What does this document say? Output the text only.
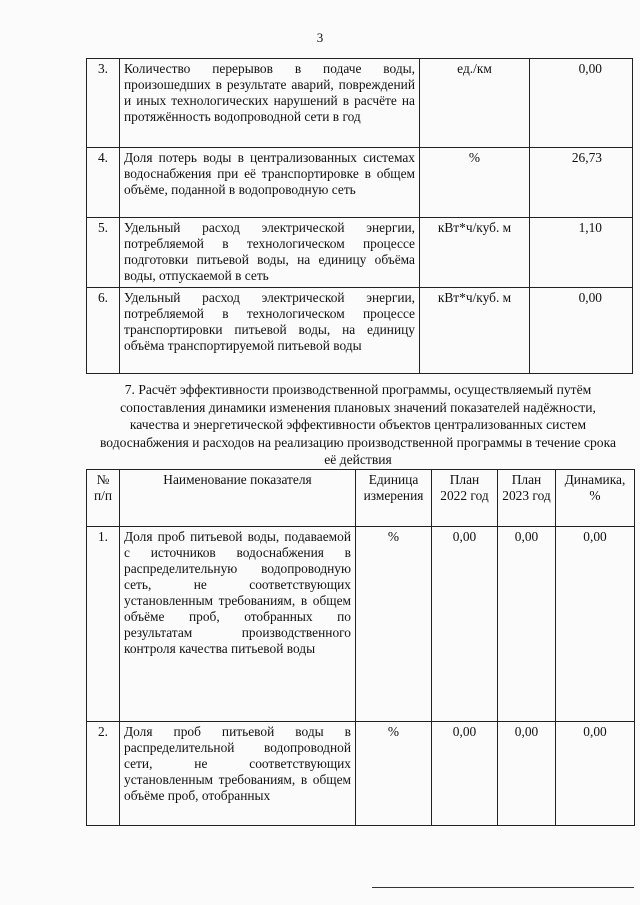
3
3.	Количество перерывов в подаче воды, произошедших в результате аварий, повреждений и иных технологических нарушений в расчёте на протяжённость водопроводной сети в год	ед./км	0,00
4.	Доля потерь воды в централизованных системах водоснабжения при её транспортировке в общем объёме, поданной в водопроводную сеть	%	26,73
5.	Удельный расход электрической энергии, потребляемой в технологическом процессе подготовки питьевой воды, на единицу объёма воды, отпускаемой в сеть	кВт*ч/куб. м	1,10
6.	Удельный расход электрической энергии, потребляемой в технологическом процессе транспортировки питьевой воды, на единицу объёма транспортируемой питьевой воды	кВт*ч/куб. м	0,00
7. Расчёт эффективности производственной программы, осуществляемый путём сопоставления динамики изменения плановых значений показателей надёжности, качества и энергетической эффективности объектов централизованных систем водоснабжения и расходов на реализацию производственной программы в течение срока её действия
№ п/п	Наименование показателя	Единица измерения	План 2022 год	План 2023 год	Динамика, %
1.	Доля проб питьевой воды, подаваемой с источников водоснабжения в распределительную водопроводную сеть, не соответствующих установленным требованиям, в общем объёме проб, отобранных по результатам производственного контроля качества питьевой воды	%	0,00	0,00	0,00
2.	Доля проб питьевой воды в распределительной водопроводной сети, не соответствующих установленным требованиям, в общем объёме проб, отобранных	%	0,00	0,00	0,00
